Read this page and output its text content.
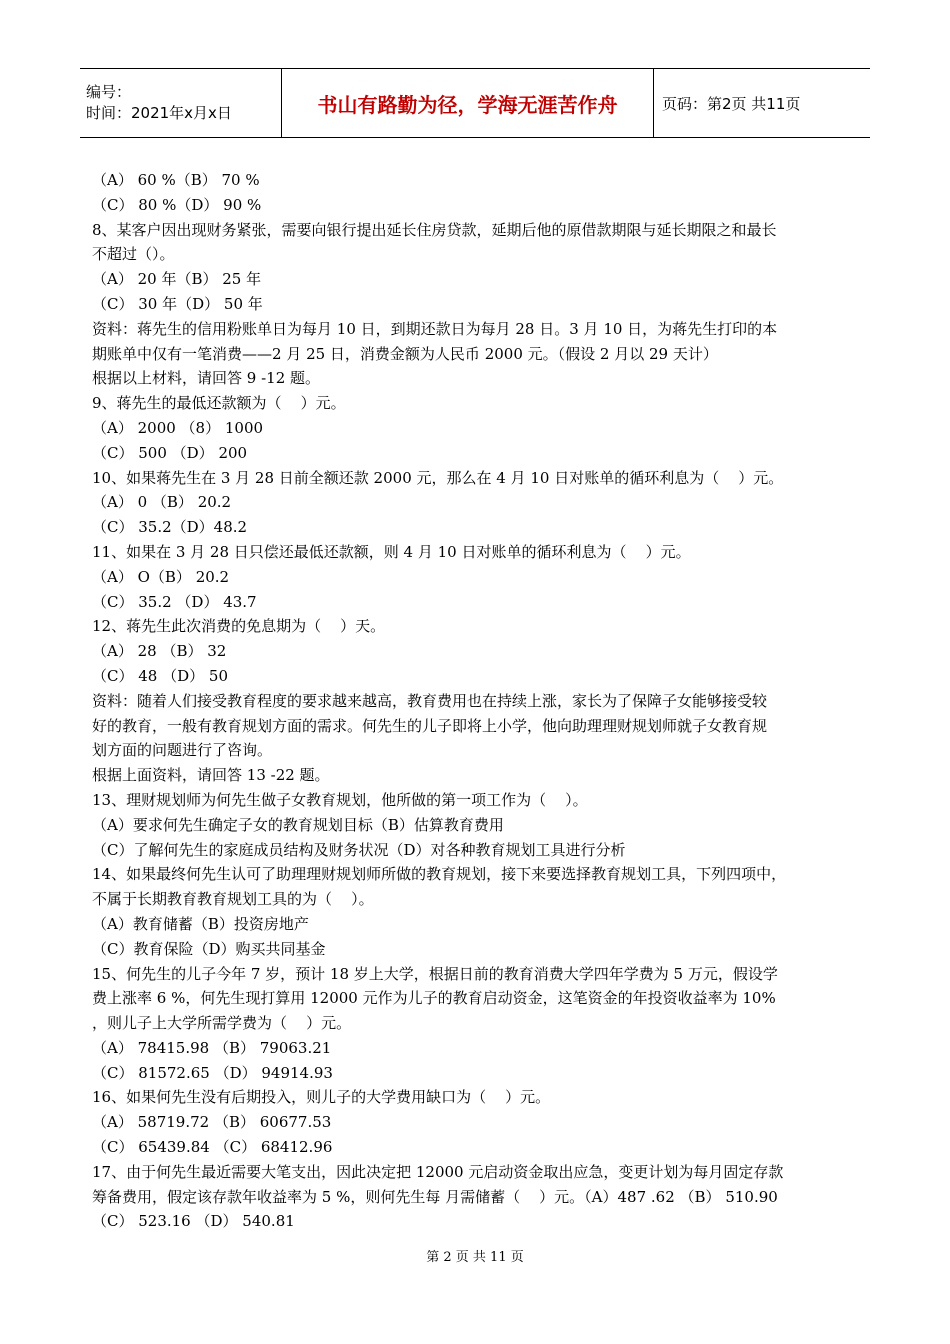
编号：
时间：2021年x月x日	书山有路勤为径，学海无涯苦作舟	页码：第2页 共11页
（A） 60 %（B） 70 %
（C） 80 %（D） 90 %
8、某客户因出现财务紧张，需要向银行提出延长住房贷款，延期后他的原借款期限与延长期限之和最长
不超过（）。
（A） 20 年（B） 25 年
（C） 30 年（D） 50 年
资料：蒋先生的信用粉账单日为每月 10 日，到期还款日为每月 28 日。3 月 10 日，为蒋先生打印的本
期账单中仅有一笔消费——2 月 25 日，消费金额为人民币 2000 元。（假设 2 月以 29 天计）
根据以上材料，请回答 9 -12 题。
9、蒋先生的最低还款额为（    ）元。
（A） 2000 （8） 1000
（C） 500 （D） 200
10、如果蒋先生在 3 月 28 日前全额还款 2000 元，那么在 4 月 10 日对账单的循环利息为（    ）元。
（A） 0 （B） 20.2
（C） 35.2（D）48.2
11、如果在 3 月 28 日只偿还最低还款额，则 4 月 10 日对账单的循环利息为（    ）元。
（A） O（B） 20.2
（C） 35.2 （D） 43.7
12、蒋先生此次消费的免息期为（    ）天。
（A） 28 （B） 32
（C） 48 （D） 50
资料：随着人们接受教育程度的要求越来越高，教育费用也在持续上涨，家长为了保障子女能够接受较
好的教育，一般有教育规划方面的需求。何先生的儿子即将上小学，他向助理理财规划师就子女教育规
划方面的问题进行了咨询。
根据上面资料，请回答 13 -22 题。
13、理财规划师为何先生做子女教育规划，他所做的第一项工作为（    ）。
（A）要求何先生确定子女的教育规划目标（B）估算教育费用
（C）了解何先生的家庭成员结构及财务状况（D）对各种教育规划工具进行分析
14、如果最终何先生认可了助理理财规划师所做的教育规划，接下来要选择教育规划工具，下列四项中，
不属于长期教育教育规划工具的为（    ）。
（A）教育储蓄（B）投资房地产
（C）教育保险（D）购买共同基金
15、何先生的儿子今年 7 岁，预计 18 岁上大学，根据日前的教育消费大学四年学费为 5 万元，假设学
费上涨率 6 %，何先生现打算用 12000 元作为儿子的教育启动资金，这笔资金的年投资收益率为 10%
，则儿子上大学所需学费为（    ）元。
（A） 78415.98 （B） 79063.21
（C） 81572.65 （D） 94914.93
16、如果何先生没有后期投入，则儿子的大学费用缺口为（    ）元。
（A） 58719.72 （B） 60677.53
（C） 65439.84 （C） 68412.96
17、由于何先生最近需要大笔支出，因此决定把 12000 元启动资金取出应急，变更计划为每月固定存款
筹备费用，假定该存款年收益率为 5 %，则何先生每 月需储蓄（    ）元。（A）487 .62 （B） 510.90
（C） 523.16 （D） 540.81
第 2 页 共 11 页
